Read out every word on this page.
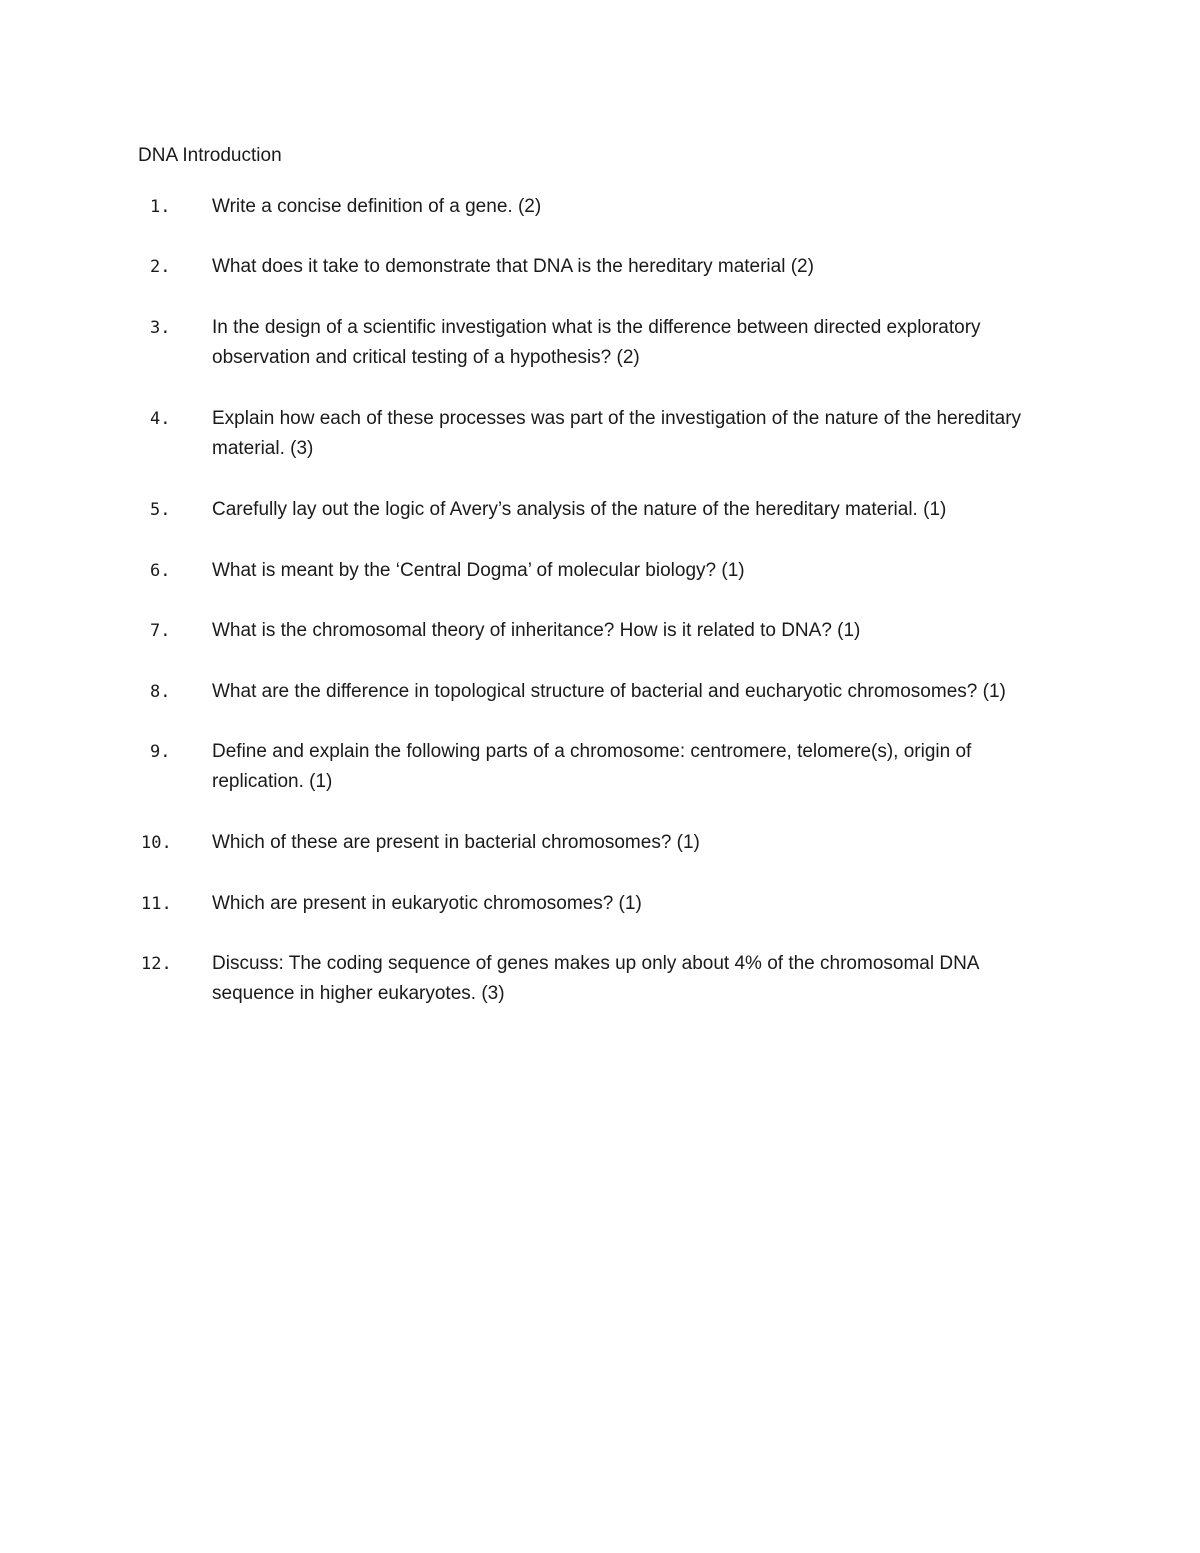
DNA Introduction
1.	Write a concise definition of a gene. (2)
2.	What does it take to demonstrate that DNA is the hereditary material (2)
3.	In the design of a scientific investigation what is the difference between directed exploratory observation and critical testing of a hypothesis? (2)
4.	Explain how each of these processes was part of the investigation of the nature of the hereditary material. (3)
5.	Carefully lay out the logic of Avery’s analysis of the nature of the hereditary material. (1)
6.	What is meant by the ‘Central Dogma’ of molecular biology? (1)
7.	What is the chromosomal theory of inheritance? How is it related to DNA? (1)
8.	What are the difference in topological structure of bacterial and eucharyotic chromosomes? (1)
9.	Define and explain the following parts of a chromosome: centromere, telomere(s), origin of replication. (1)
10.	Which of these are present in bacterial chromosomes? (1)
11.	Which are present in eukaryotic chromosomes? (1)
12.	Discuss: The coding sequence of genes makes up only about 4% of the chromosomal DNA sequence in higher eukaryotes. (3)
